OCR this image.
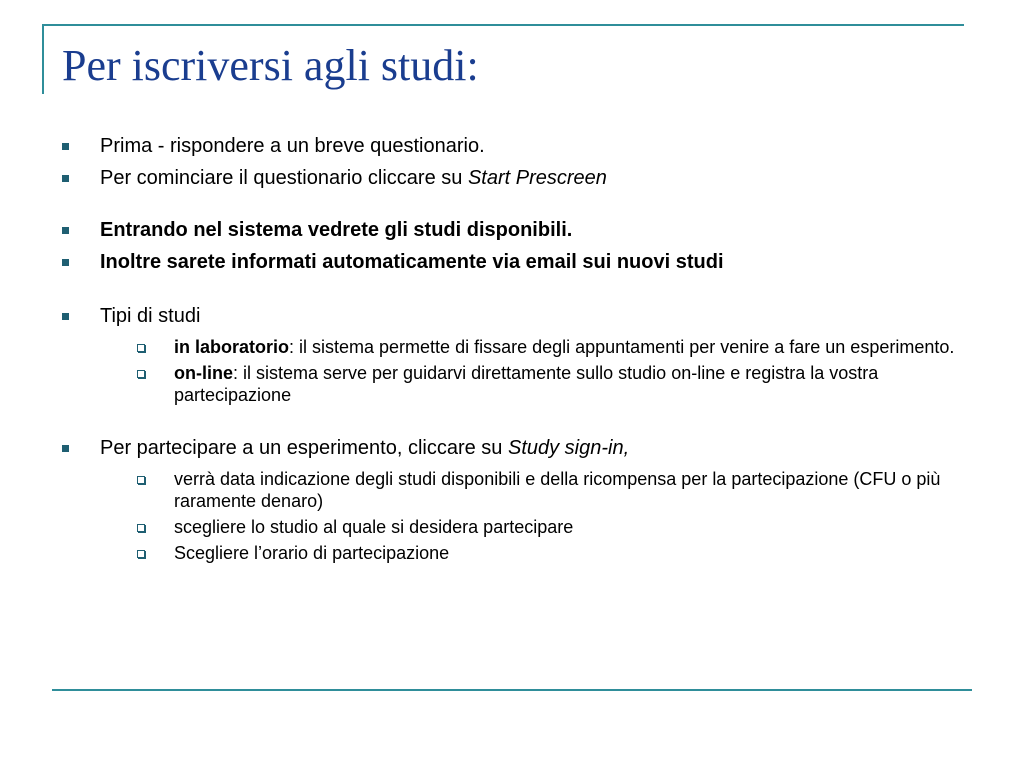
Per iscriversi agli studi:
Prima - rispondere a un breve questionario.
Per cominciare il questionario cliccare su Start Prescreen
Entrando nel sistema vedrete gli studi disponibili.
Inoltre sarete informati automaticamente via email sui nuovi studi
Tipi di studi
in laboratorio: il sistema permette di fissare degli appuntamenti per venire a fare un esperimento.
on-line: il sistema serve per guidarvi direttamente sullo studio on-line e registra la vostra partecipazione
Per partecipare a un esperimento, cliccare su Study sign-in,
verrà data indicazione degli studi disponibili e della ricompensa per la partecipazione (CFU o più raramente denaro)
scegliere lo studio al quale si desidera partecipare
Scegliere l’orario di partecipazione
